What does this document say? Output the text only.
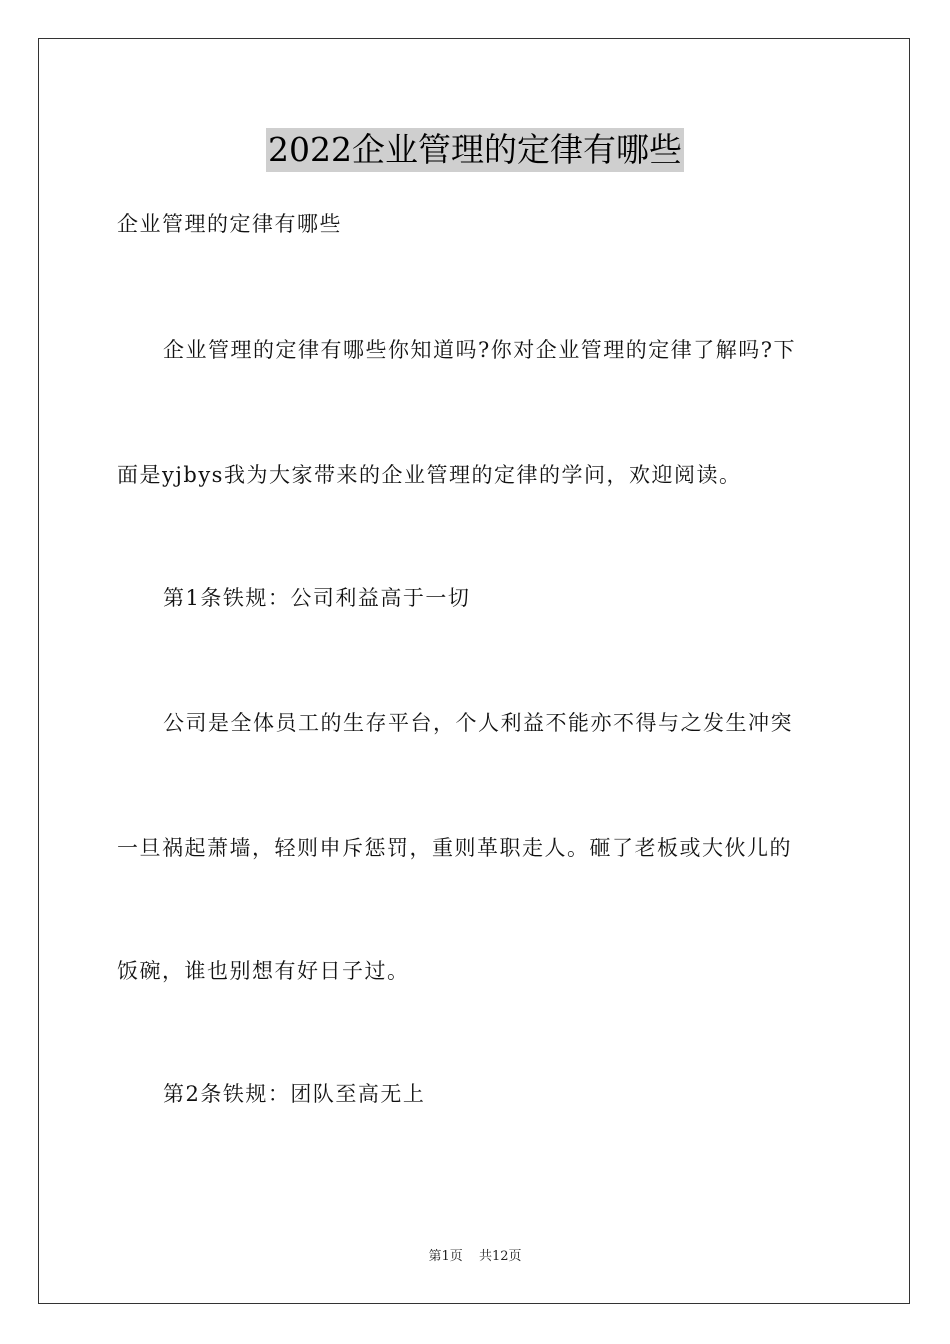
2022企业管理的定律有哪些
企业管理的定律有哪些
企业管理的定律有哪些你知道吗?你对企业管理的定律了解吗?下
面是yjbys我为大家带来的企业管理的定律的学问，欢迎阅读。
第1条铁规：公司利益高于一切
公司是全体员工的生存平台，个人利益不能亦不得与之发生冲突
一旦祸起萧墙，轻则申斥惩罚，重则革职走人。砸了老板或大伙儿的
饭碗，谁也别想有好日子过。
第2条铁规：团队至高无上
第1页 共12页
